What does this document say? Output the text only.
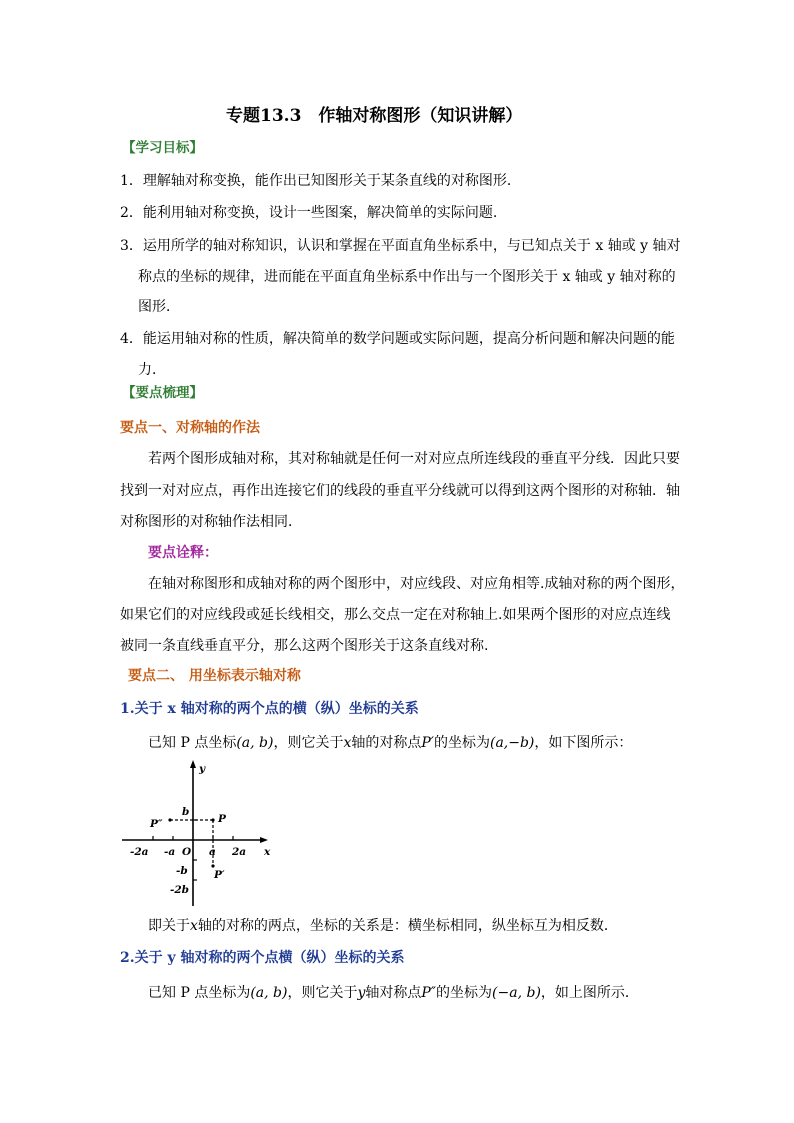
专题13.3　作轴对称图形（知识讲解）
【学习目标】
1．理解轴对称变换，能作出已知图形关于某条直线的对称图形．
2．能利用轴对称变换，设计一些图案，解决简单的实际问题.
3．运用所学的轴对称知识，认识和掌握在平面直角坐标系中，与已知点关于 x 轴或 y 轴对
称点的坐标的规律，进而能在平面直角坐标系中作出与一个图形关于 x 轴或 y 轴对称的
图形．
4．能运用轴对称的性质，解决简单的数学问题或实际问题，提高分析问题和解决问题的能
力．
【要点梳理】
要点一、对称轴的作法
若两个图形成轴对称，其对称轴就是任何一对对应点所连线段的垂直平分线．因此只要
找到一对对应点，再作出连接它们的线段的垂直平分线就可以得到这两个图形的对称轴．轴
对称图形的对称轴作法相同．
要点诠释：
在轴对称图形和成轴对称的两个图形中，对应线段、对应角相等.成轴对称的两个图形，
如果它们的对应线段或延长线相交，那么交点一定在对称轴上.如果两个图形的对应点连线
被同一条直线垂直平分，那么这两个图形关于这条直线对称.
要点二、 用坐标表示轴对称
1.关于 x 轴对称的两个点的横（纵）坐标的关系
已知 P 点坐标(a, b)，则它关于x轴的对称点P′的坐标为(a,−b)，如下图所示：
y
x
O
P
P′
P″
b
a 2a
-a
-2a
-b
-2b
即关于x轴的对称的两点，坐标的关系是：横坐标相同，纵坐标互为相反数．
2.关于 y 轴对称的两个点横（纵）坐标的关系
已知 P 点坐标为(a, b)，则它关于y轴对称点P″的坐标为(−a, b)，如上图所示．
